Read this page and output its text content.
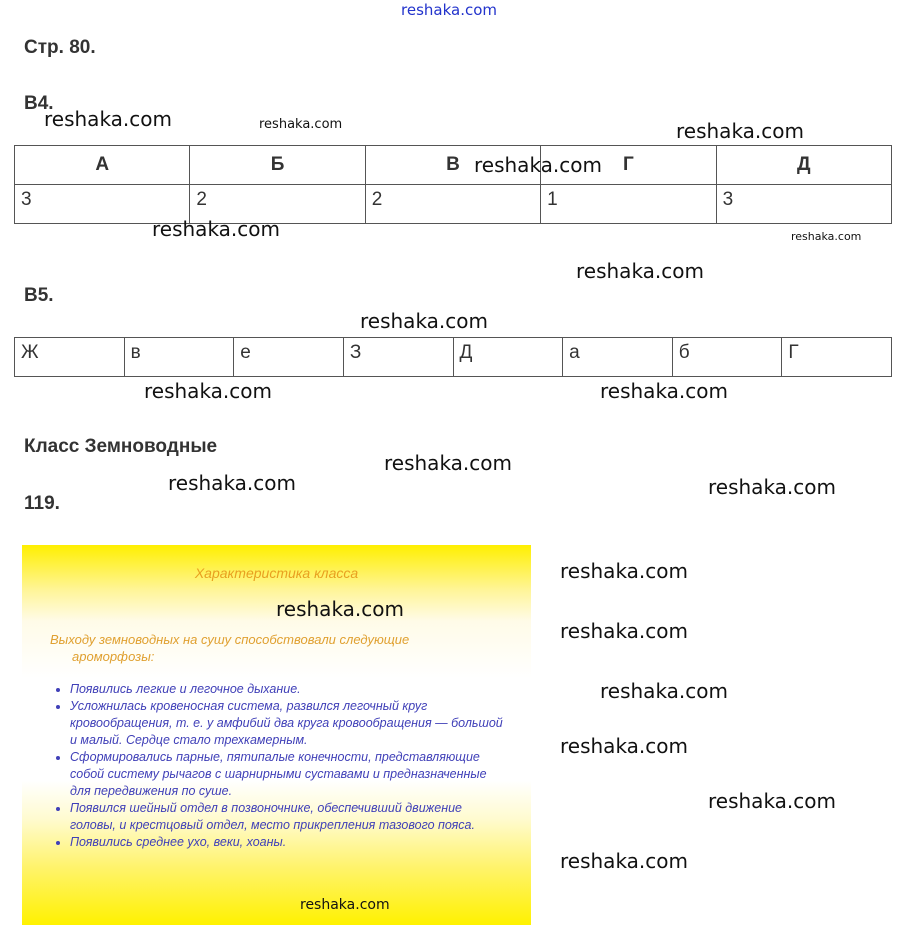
reshaka.com
Стр. 80.
В4.
А	Б	В	Г	Д
3	2	2	1	3
В5.
Ж	в	е	З	Д	а	б	Г
Класс Земноводные
119.
Характеристика класса
Выходу земноводных на сушу способствовали следующие
ароморфозы:
• Появились легкие и легочное дыхание.
• Усложнилась кровеносная система, развился легочный круг кровообращения, т. е. у амфибий два круга кровообращения — большой и малый. Сердце стало трехкамерным.
• Сформировались парные, пятипалые конечности, представляющие собой систему рычагов с шарнирными суставами и предназначенные для передвижения по суше.
• Появился шейный отдел в позвоночнике, обеспечивший движение головы, и крестцовый отдел, место прикрепления тазового пояса.
• Появились среднее ухо, веки, хоаны.
reshaka.com	reshaka.com	reshaka.com
reshaka.com
reshaka.com	reshaka.com
reshaka.com
reshaka.com
reshaka.com	reshaka.com
reshaka.com
reshaka.com	reshaka.com
reshaka.com
reshaka.com
reshaka.com
reshaka.com
reshaka.com
reshaka.com
reshaka.com
reshaka.com
